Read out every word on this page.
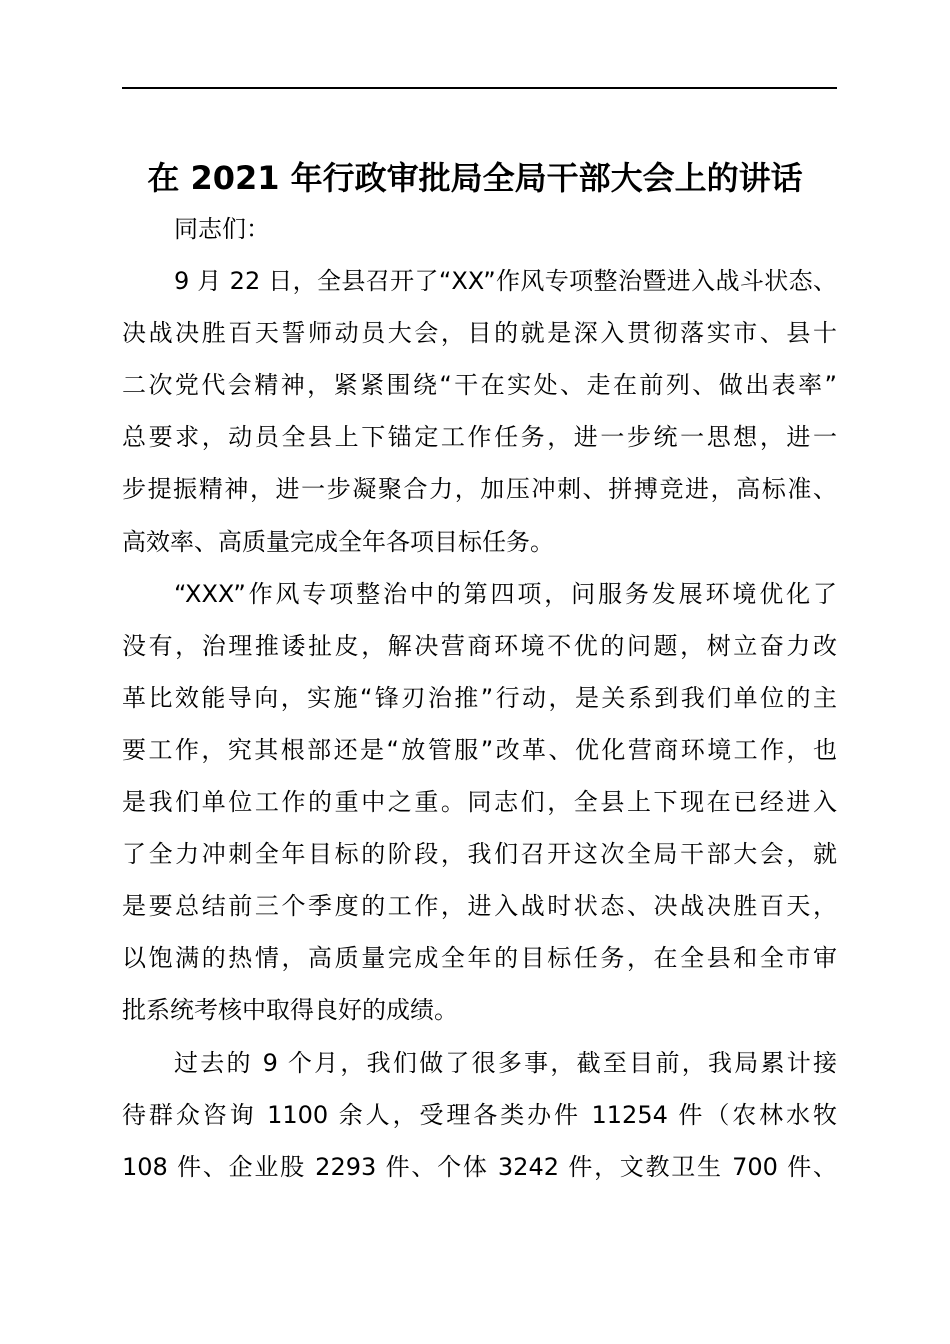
在 2021 年行政审批局全局干部大会上的讲话
同志们：
9 月 22 日，全县召开了“XX”作风专项整治暨进入战斗状态、
决战决胜百天誓师动员大会，目的就是深入贯彻落实市、县十
二次党代会精神，紧紧围绕“干在实处、走在前列、做出表率”
总要求，动员全县上下锚定工作任务，进一步统一思想，进一
步提振精神，进一步凝聚合力，加压冲刺、拼搏竞进，高标准、
高效率、高质量完成全年各项目标任务。
“XXX”作风专项整治中的第四项，问服务发展环境优化了
没有，治理推诿扯皮，解决营商环境不优的问题，树立奋力改
革比效能导向，实施“锋刃治推”行动，是关系到我们单位的主
要工作，究其根部还是“放管服”改革、优化营商环境工作，也
是我们单位工作的重中之重。同志们，全县上下现在已经进入
了全力冲刺全年目标的阶段，我们召开这次全局干部大会，就
是要总结前三个季度的工作，进入战时状态、决战决胜百天，
以饱满的热情，高质量完成全年的目标任务，在全县和全市审
批系统考核中取得良好的成绩。
过去的 9 个月，我们做了很多事，截至目前，我局累计接
待群众咨询 1100 余人，受理各类办件 11254 件（农林水牧
108 件、企业股 2293 件、个体 3242 件，文教卫生 700 件、
